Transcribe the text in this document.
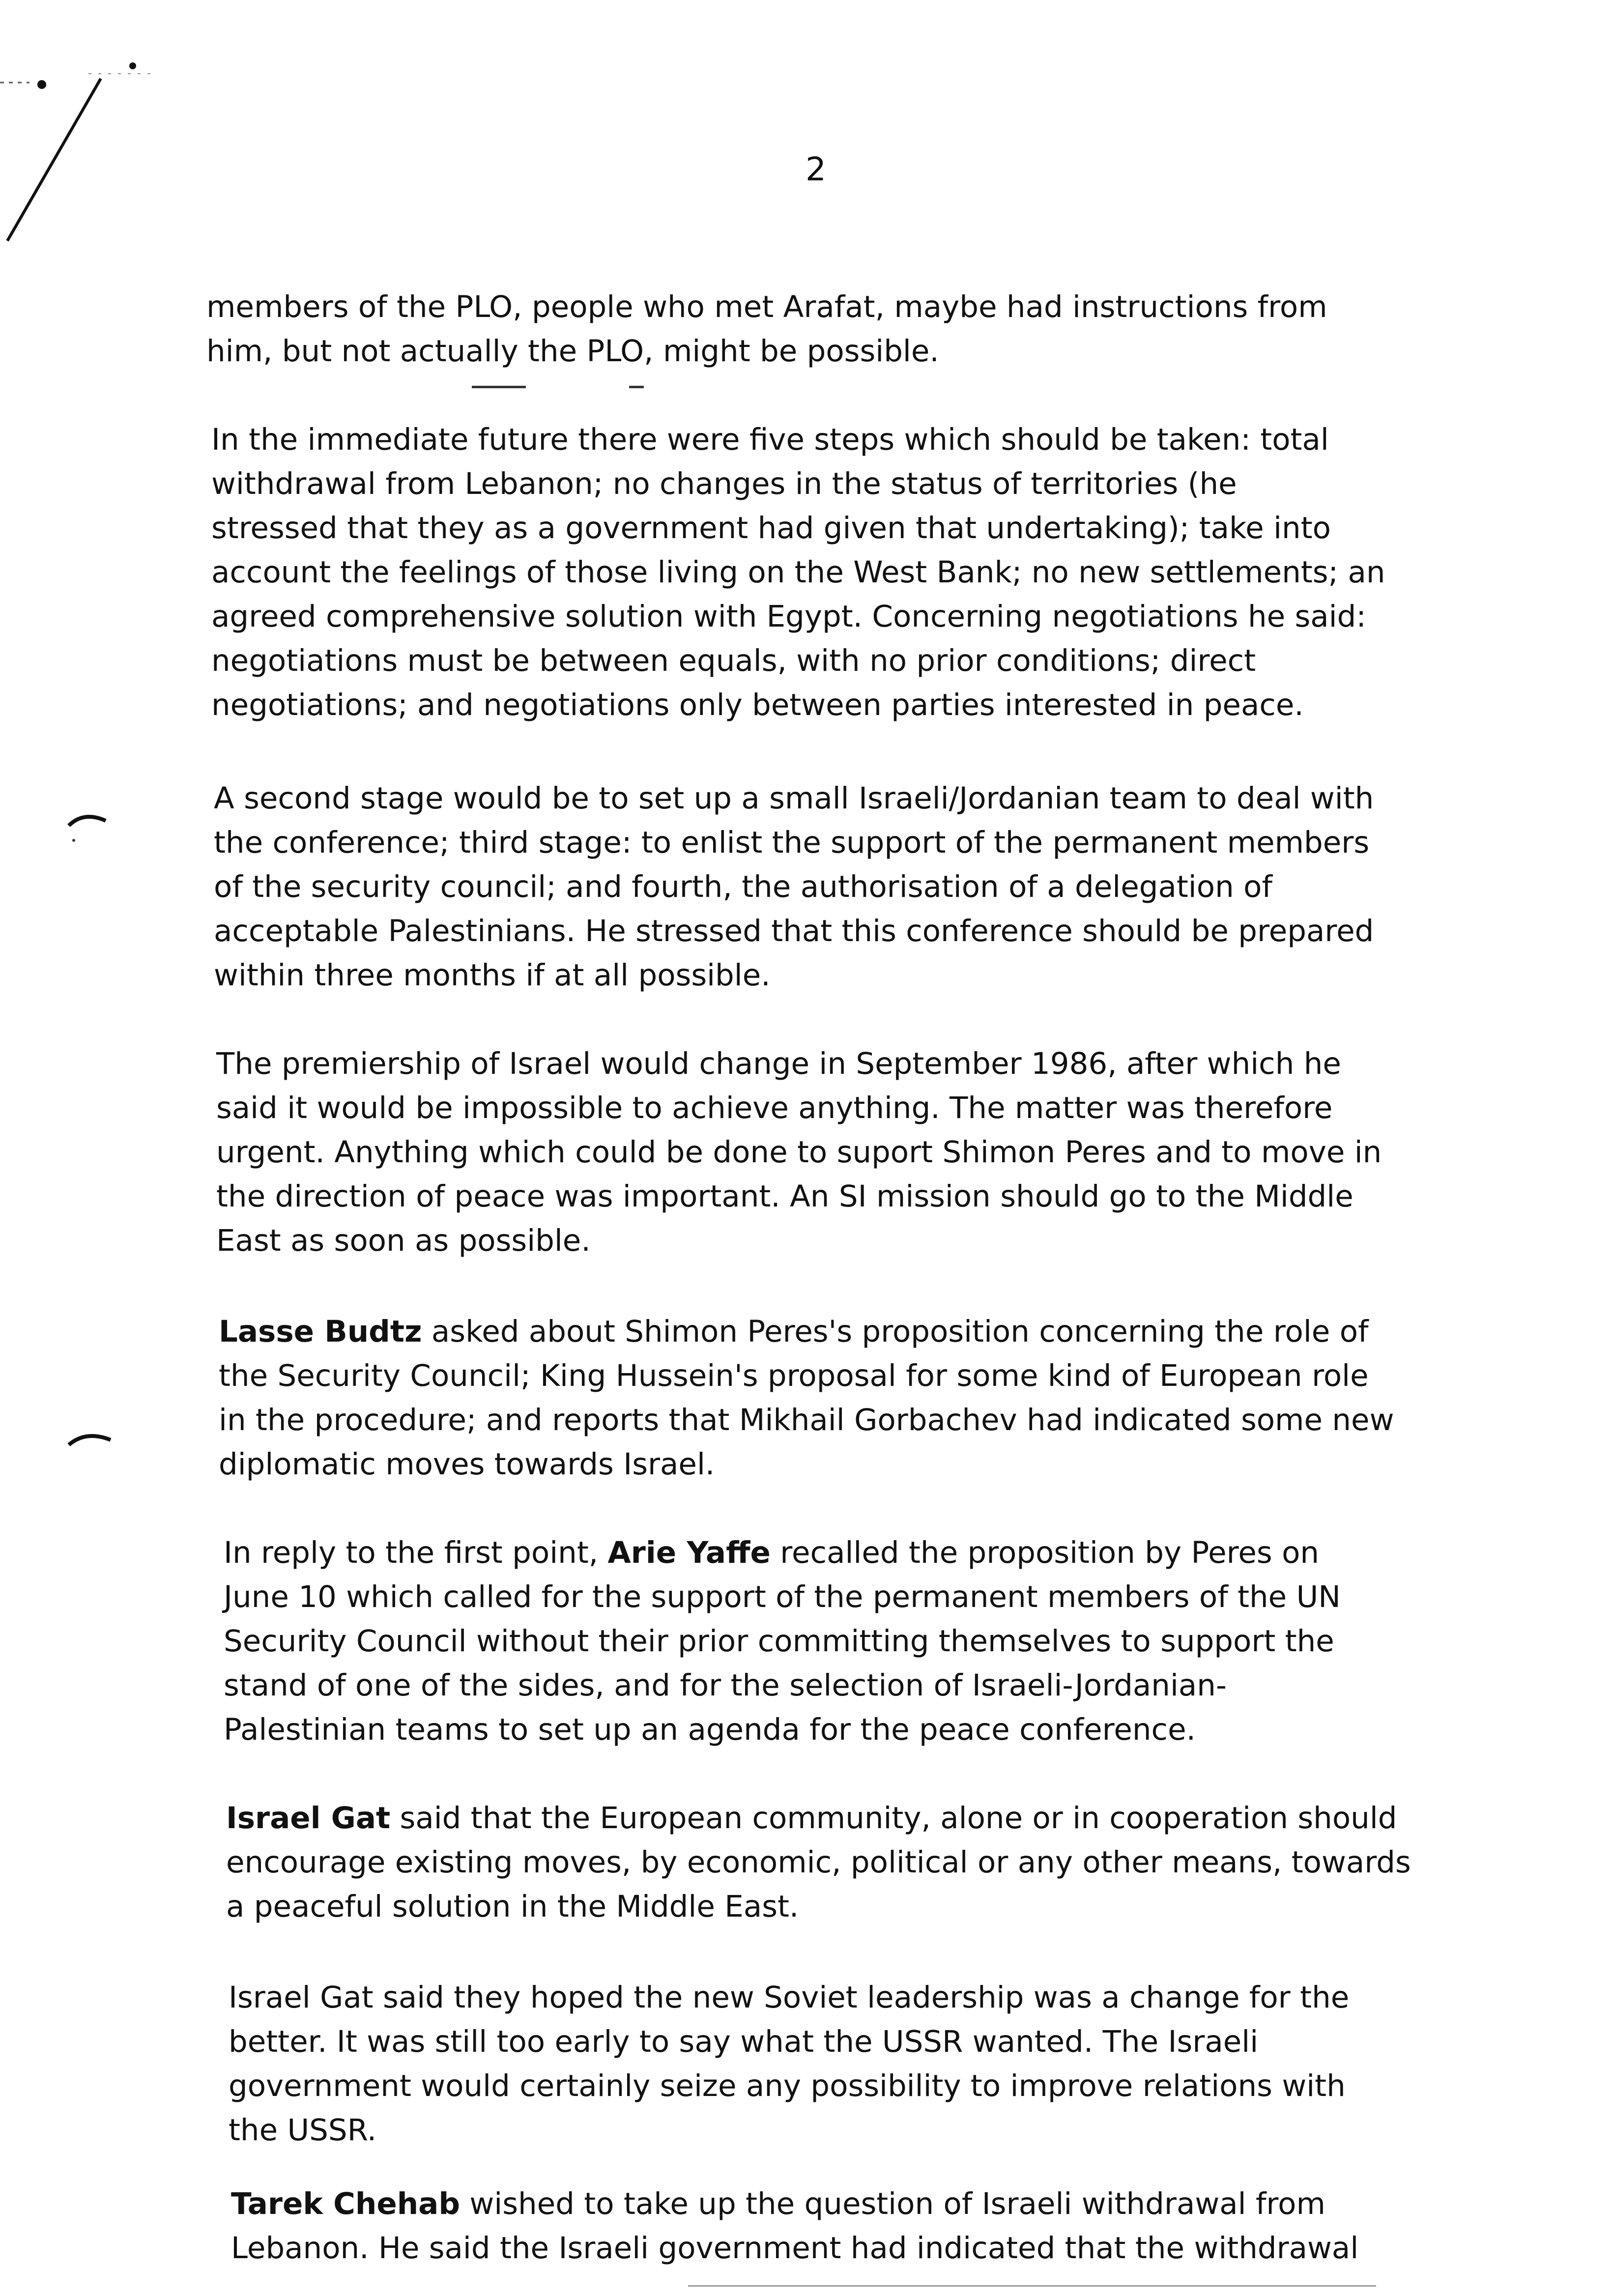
2
members of the PLO, people who met Arafat, maybe had instructions from
him, but not actually the PLO, might be possible.
In the immediate future there were five steps which should be taken: total
withdrawal from Lebanon; no changes in the status of territories (he
stressed that they as a government had given that undertaking); take into
account the feelings of those living on the West Bank; no new settlements; an
agreed comprehensive solution with Egypt. Concerning negotiations he said:
negotiations must be between equals, with no prior conditions; direct
negotiations; and negotiations only between parties interested in peace.
A second stage would be to set up a small Israeli/Jordanian team to deal with
the conference; third stage: to enlist the support of the permanent members
of the security council; and fourth, the authorisation of a delegation of
acceptable Palestinians. He stressed that this conference should be prepared
within three months if at all possible.
The premiership of Israel would change in September 1986, after which he
said it would be impossible to achieve anything. The matter was therefore
urgent. Anything which could be done to suport Shimon Peres and to move in
the direction of peace was important. An SI mission should go to the Middle
East as soon as possible.
Lasse Budtz asked about Shimon Peres's proposition concerning the role of
the Security Council; King Hussein's proposal for some kind of European role
in the procedure; and reports that Mikhail Gorbachev had indicated some new
diplomatic moves towards Israel.
In reply to the first point, Arie Yaffe recalled the proposition by Peres on
June 10 which called for the support of the permanent members of the UN
Security Council without their prior committing themselves to support the
stand of one of the sides, and for the selection of Israeli-Jordanian-
Palestinian teams to set up an agenda for the peace conference.
Israel Gat said that the European community, alone or in cooperation should
encourage existing moves, by economic, political or any other means, towards
a peaceful solution in the Middle East.
Israel Gat said they hoped the new Soviet leadership was a change for the
better. It was still too early to say what the USSR wanted. The Israeli
government would certainly seize any possibility to improve relations with
the USSR.
Tarek Chehab wished to take up the question of Israeli withdrawal from
Lebanon. He said the Israeli government had indicated that the withdrawal
